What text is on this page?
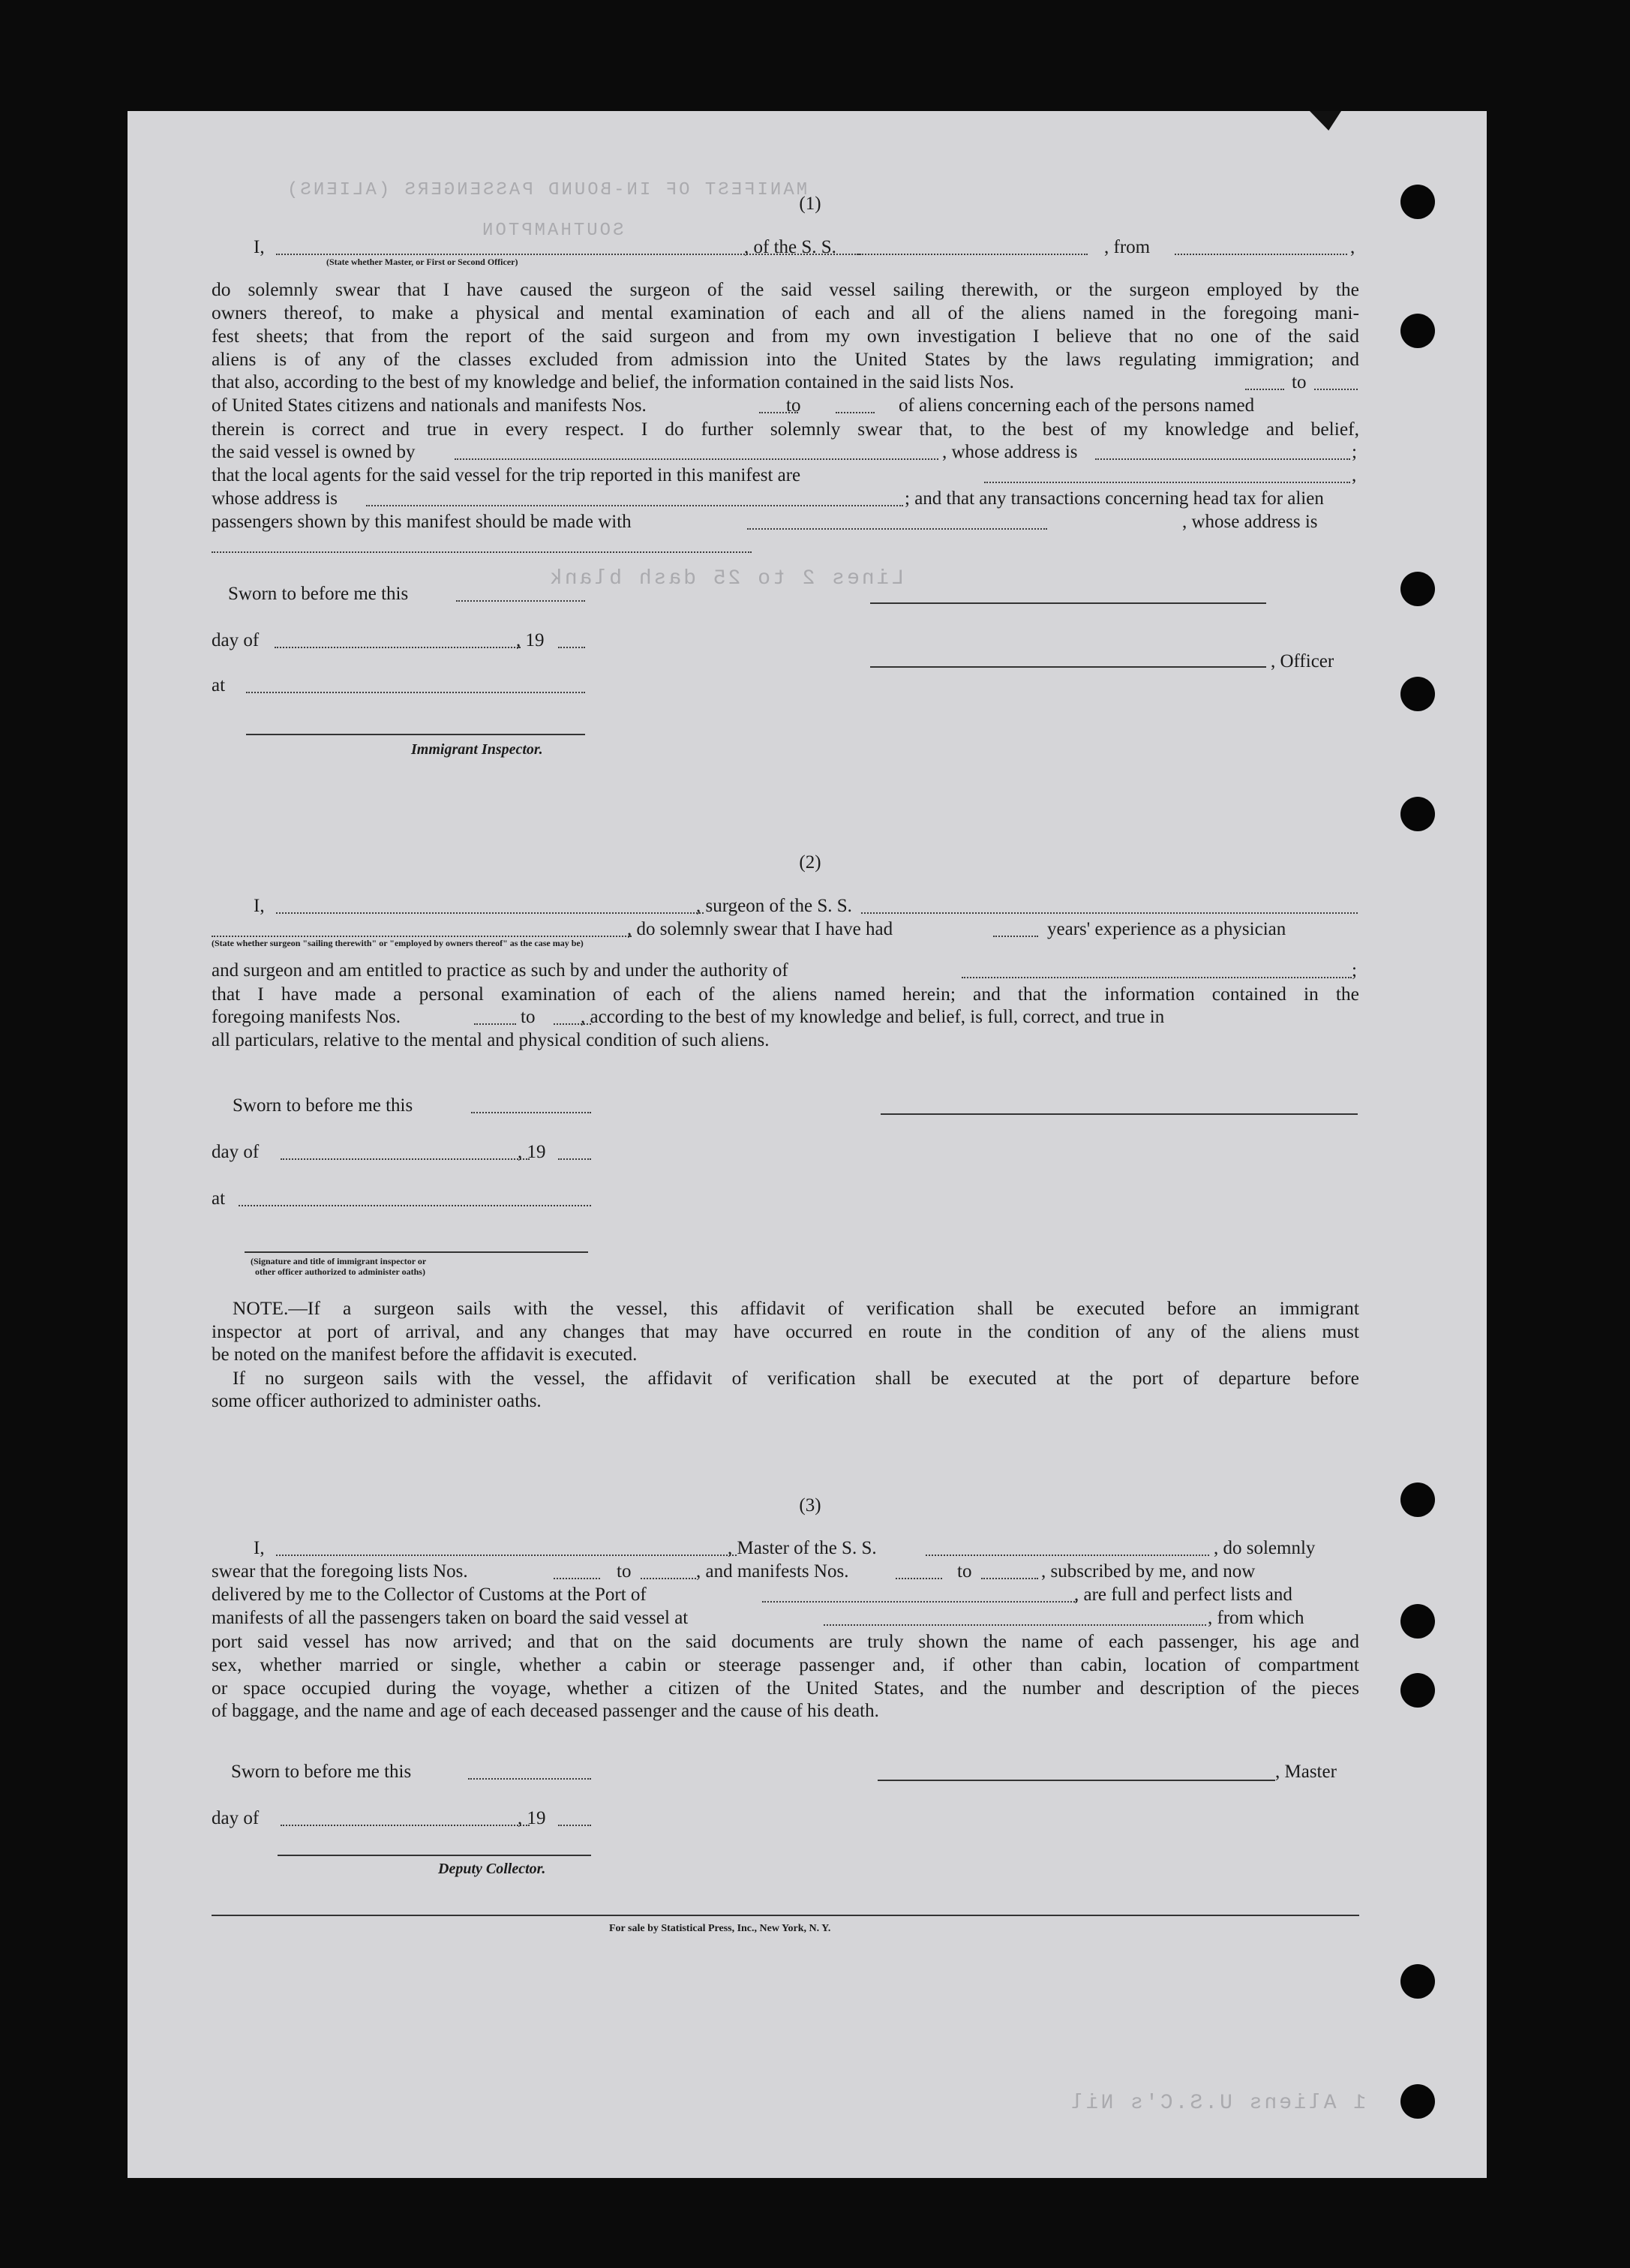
MANIFEST OF IN-BOUND PASSENGERS (ALIENS)
SOUTHAMPTON
Lines 2 to 25 dash blank
1 Aliens U.S.C's Nil
(1)
I,	, of the S. S.	, from	,
(State whether Master, or First or Second Officer)
do solemnly swear that I have caused the surgeon of the said vessel sailing therewith, or the surgeon employed by the
owners thereof, to make a physical and mental examination of each and all of the aliens named in the foregoing mani-
fest sheets; that from the report of the said surgeon and from my own investigation I believe that no one of the said
aliens is of any of the classes excluded from admission into the United States by the laws regulating immigration; and
that also, according to the best of my knowledge and belief, the information contained in the said lists Nos.	to
of United States citizens and nationals and manifests Nos.	to	of aliens concerning each of the persons named
therein is correct and true in every respect. I do further solemnly swear that, to the best of my knowledge and belief,
the said vessel is owned by	, whose address is	;
that the local agents for the said vessel for the trip reported in this manifest are	,
whose address is	; and that any transactions concerning head tax for alien
passengers shown by this manifest should be made with	, whose address is
Sworn to before me this
day of	, 19
, Officer
at
Immigrant Inspector.
(2)
I,	, surgeon of the S. S.
, do solemnly swear that I have had	years' experience as a physician
(State whether surgeon "sailing therewith" or "employed by owners thereof" as the case may be)
and surgeon and am entitled to practice as such by and under the authority of	;
that I have made a personal examination of each of the aliens named herein; and that the information contained in the
foregoing manifests Nos.	to , according to the best of my knowledge and belief, is full, correct, and true in
all particulars, relative to the mental and physical condition of such aliens.
Sworn to before me this
day of	, 19
at
(Signature and title of immigrant inspector or
other officer authorized to administer oaths)
NOTE.—If a surgeon sails with the vessel, this affidavit of verification shall be executed before an immigrant
inspector at port of arrival, and any changes that may have occurred en route in the condition of any of the aliens must
be noted on the manifest before the affidavit is executed.
If no surgeon sails with the vessel, the affidavit of verification shall be executed at the port of departure before
some officer authorized to administer oaths.
(3)
I,	, Master of the S. S.	, do solemnly
swear that the foregoing lists Nos.	to	, and manifests Nos.	to	, subscribed by me, and now
delivered by me to the Collector of Customs at the Port of	, are full and perfect lists and
manifests of all the passengers taken on board the said vessel at	, from which
port said vessel has now arrived; and that on the said documents are truly shown the name of each passenger, his age and
sex, whether married or single, whether a cabin or steerage passenger and, if other than cabin, location of compartment
or space occupied during the voyage, whether a citizen of the United States, and the number and description of the pieces
of baggage, and the name and age of each deceased passenger and the cause of his death.
Sworn to before me this	, Master
day of	, 19
Deputy Collector.
For sale by Statistical Press, Inc., New York, N. Y.
